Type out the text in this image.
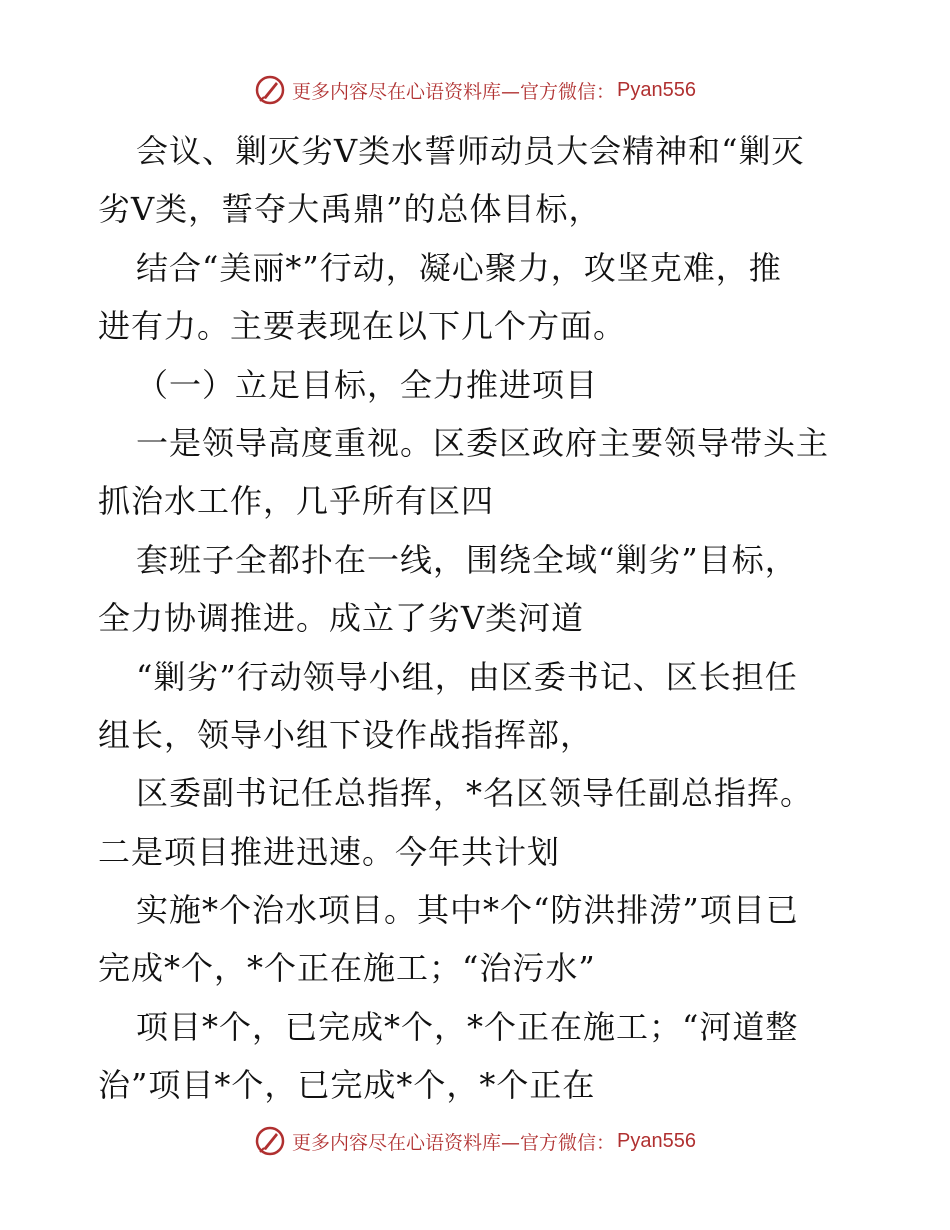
更多内容尽在心语资料库—官方微信： Pyan556
会议、剿灭劣Ⅴ类水誓师动员大会精神和“剿灭
劣Ⅴ类，誓夺大禹鼎”的总体目标，
结合“美丽*”行动，凝心聚力，攻坚克难，推
进有力。主要表现在以下几个方面。
（一）立足目标，全力推进项目
一是领导高度重视。区委区政府主要领导带头主
抓治水工作，几乎所有区四
套班子全都扑在一线，围绕全域“剿劣”目标，
全力协调推进。成立了劣Ⅴ类河道
“剿劣”行动领导小组，由区委书记、区长担任
组长，领导小组下设作战指挥部，
区委副书记任总指挥，*名区领导任副总指挥。
二是项目推进迅速。今年共计划
实施*个治水项目。其中*个“防洪排涝”项目已
完成*个，*个正在施工；“治污水”
项目*个，已完成*个，*个正在施工；“河道整
治”项目*个，已完成*个，*个正在
更多内容尽在心语资料库—官方微信： Pyan556
